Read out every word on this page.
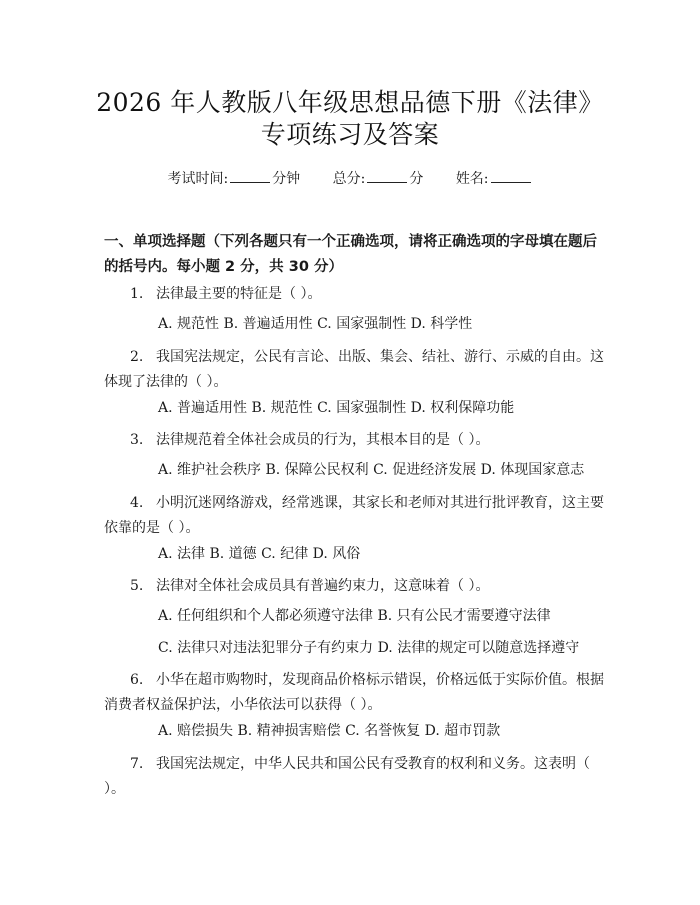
2026 年人教版八年级思想品德下册《法律》
专项练习及答案
考试时间:	分钟 总分:	分 姓名:
一、单项选择题（下列各题只有一个正确选项，请将正确选项的字母填在题后的括号内。每小题 2 分，共 30 分）
1. 法律最主要的特征是（ ）。
A. 规范性 B. 普遍适用性 C. 国家强制性 D. 科学性
2. 我国宪法规定，公民有言论、出版、集会、结社、游行、示威的自由。这体现了法律的（ ）。
A. 普遍适用性 B. 规范性 C. 国家强制性 D. 权利保障功能
3. 法律规范着全体社会成员的行为，其根本目的是（ ）。
A. 维护社会秩序 B. 保障公民权利 C. 促进经济发展 D. 体现国家意志
4. 小明沉迷网络游戏，经常逃课，其家长和老师对其进行批评教育，这主要依靠的是（ ）。
A. 法律 B. 道德 C. 纪律 D. 风俗
5. 法律对全体社会成员具有普遍约束力，这意味着（ ）。
A. 任何组织和个人都必须遵守法律 B. 只有公民才需要遵守法律
C. 法律只对违法犯罪分子有约束力 D. 法律的规定可以随意选择遵守
6. 小华在超市购物时，发现商品价格标示错误，价格远低于实际价值。根据消费者权益保护法，小华依法可以获得（ ）。
A. 赔偿损失 B. 精神损害赔偿 C. 名誉恢复 D. 超市罚款
7. 我国宪法规定，中华人民共和国公民有受教育的权利和义务。这表明（ ）。
